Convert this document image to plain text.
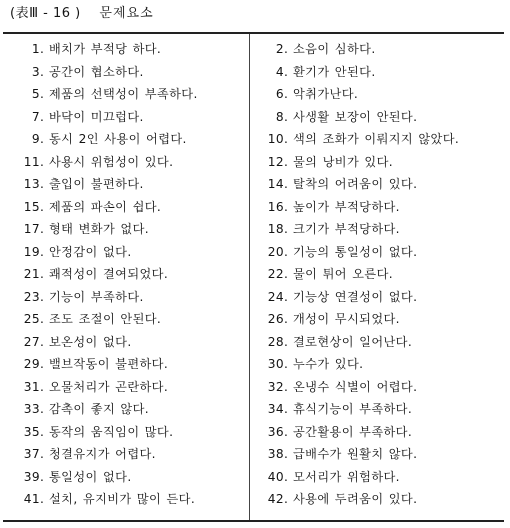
(表Ⅲ - 16 ) 문제요소
1. 배치가 부적당 하다.
3. 공간이 협소하다.
5. 제품의 선택성이 부족하다.
7. 바닥이 미끄럽다.
9. 동시 2인 사용이 어렵다.
11. 사용시 위험성이 있다.
13. 출입이 불편하다.
15. 제품의 파손이 쉽다.
17. 형태 변화가 없다.
19. 안정감이 없다.
21. 쾌적성이 결여되었다.
23. 기능이 부족하다.
25. 조도 조절이 안된다.
27. 보온성이 없다.
29. 밸브작동이 불편하다.
31. 오물처리가 곤란하다.
33. 감촉이 좋지 않다.
35. 동작의 움직임이 많다.
37. 청결유지가 어렵다.
39. 통일성이 없다.
41. 설치, 유지비가 많이 든다.
2. 소음이 심하다.
4. 환기가 안된다.
6. 악취가난다.
8. 사생활 보장이 안된다.
10. 색의 조화가 이뤄지지 않았다.
12. 물의 낭비가 있다.
14. 탈착의 어려움이 있다.
16. 높이가 부적당하다.
18. 크기가 부적당하다.
20. 기능의 통일성이 없다.
22. 물이 튀어 오른다.
24. 기능상 연결성이 없다.
26. 개성이 무시되었다.
28. 결로현상이 일어난다.
30. 누수가 있다.
32. 온냉수 식별이 어렵다.
34. 휴식기능이 부족하다.
36. 공간활용이 부족하다.
38. 급배수가 원활치 않다.
40. 모서리가 위험하다.
42. 사용에 두려움이 있다.
